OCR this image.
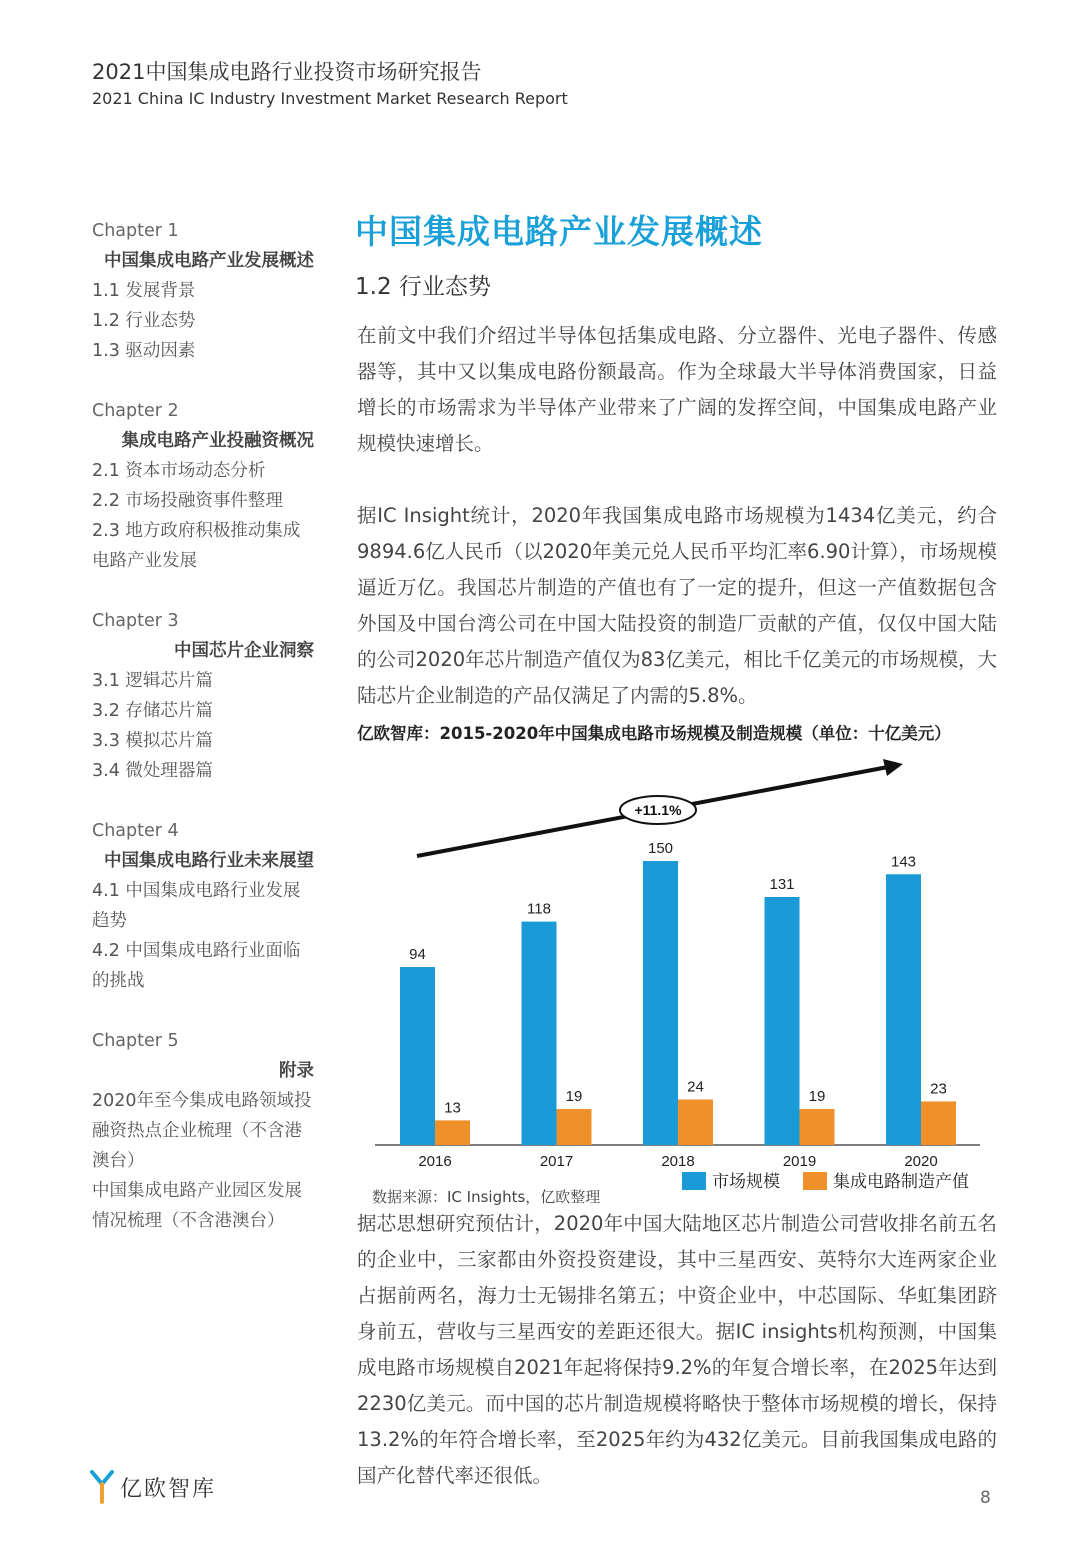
2021中国集成电路行业投资市场研究报告
2021 China IC Industry Investment Market Research Report
Chapter 1
中国集成电路产业发展概述
1.1 发展背景
1.2 行业态势
1.3 驱动因素
Chapter 2
集成电路产业投融资概况
2.1 资本市场动态分析
2.2 市场投融资事件整理
2.3 地方政府积极推动集成
电路产业发展
Chapter 3
中国芯片企业洞察
3.1 逻辑芯片篇
3.2 存储芯片篇
3.3 模拟芯片篇
3.4 微处理器篇
Chapter 4
中国集成电路行业未来展望
4.1 中国集成电路行业发展
趋势
4.2 中国集成电路行业面临
的挑战
Chapter 5
附录
2020年至今集成电路领域投
融资热点企业梳理（不含港
澳台）
中国集成电路产业园区发展
情况梳理（不含港澳台）
中国集成电路产业发展概述
1.2 行业态势
在前文中我们介绍过半导体包括集成电路、分立器件、光电子器件、传感器等，其中又以集成电路份额最高。作为全球最大半导体消费国家，日益增长的市场需求为半导体产业带来了广阔的发挥空间，中国集成电路产业规模快速增长。
据IC Insight统计，2020年我国集成电路市场规模为1434亿美元，约合9894.6亿人民币（以2020年美元兑人民币平均汇率6.90计算），市场规模逼近万亿。我国芯片制造的产值也有了一定的提升，但这一产值数据包含外国及中国台湾公司在中国大陆投资的制造厂贡献的产值，仅仅中国大陆的公司2020年芯片制造产值仅为83亿美元，相比千亿美元的市场规模，大陆芯片企业制造的产品仅满足了内需的5.8%。
亿欧智库：2015-2020年中国集成电路市场规模及制造规模（单位：十亿美元）
+11.1%
94
13
2016
118
19
2017
150
24
2018
131
19
2019
143
23
2020
市场规模	集成电路制造产值
数据来源：IC Insights，亿欧整理
据芯思想研究预估计，2020年中国大陆地区芯片制造公司营收排名前五名的企业中，三家都由外资投资建设，其中三星西安、英特尔大连两家企业占据前两名，海力士无锡排名第五；中资企业中，中芯国际、华虹集团跻身前五，营收与三星西安的差距还很大。据IC insights机构预测，中国集成电路市场规模自2021年起将保持9.2%的年复合增长率，在2025年达到2230亿美元。而中国的芯片制造规模将略快于整体市场规模的增长，保持13.2%的年符合增长率，至2025年约为432亿美元。目前我国集成电路的国产化替代率还很低。
亿欧智库	8
